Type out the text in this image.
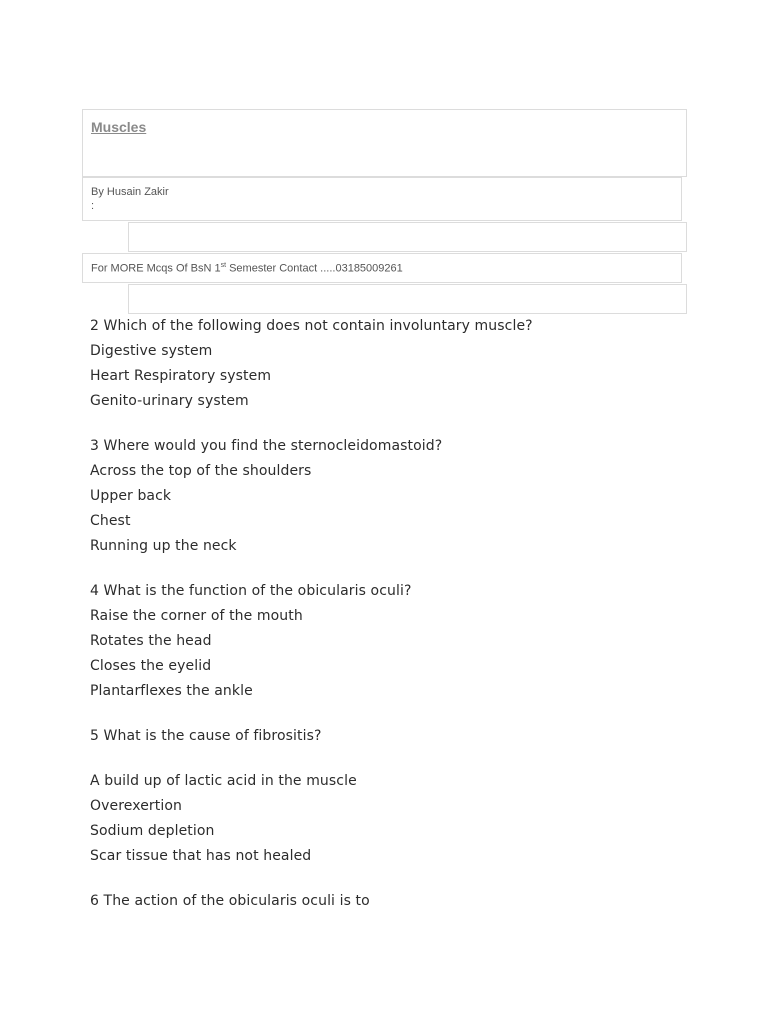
Muscles
By Husain Zakir
:
For MORE Mcqs Of BsN 1st Semester Contact .....03185009261
2 Which of the following does not contain involuntary muscle?
Digestive system
Heart Respiratory system
Genito-urinary system
3 Where would you find the sternocleidomastoid?
Across the top of the shoulders
Upper back
Chest
Running up the neck
4 What is the function of the obicularis oculi?
Raise the corner of the mouth
Rotates the head
Closes the eyelid
Plantarflexes the ankle
5 What is the cause of fibrositis?
A build up of lactic acid in the muscle
Overexertion
Sodium depletion
Scar tissue that has not healed
6 The action of the obicularis oculi is to
